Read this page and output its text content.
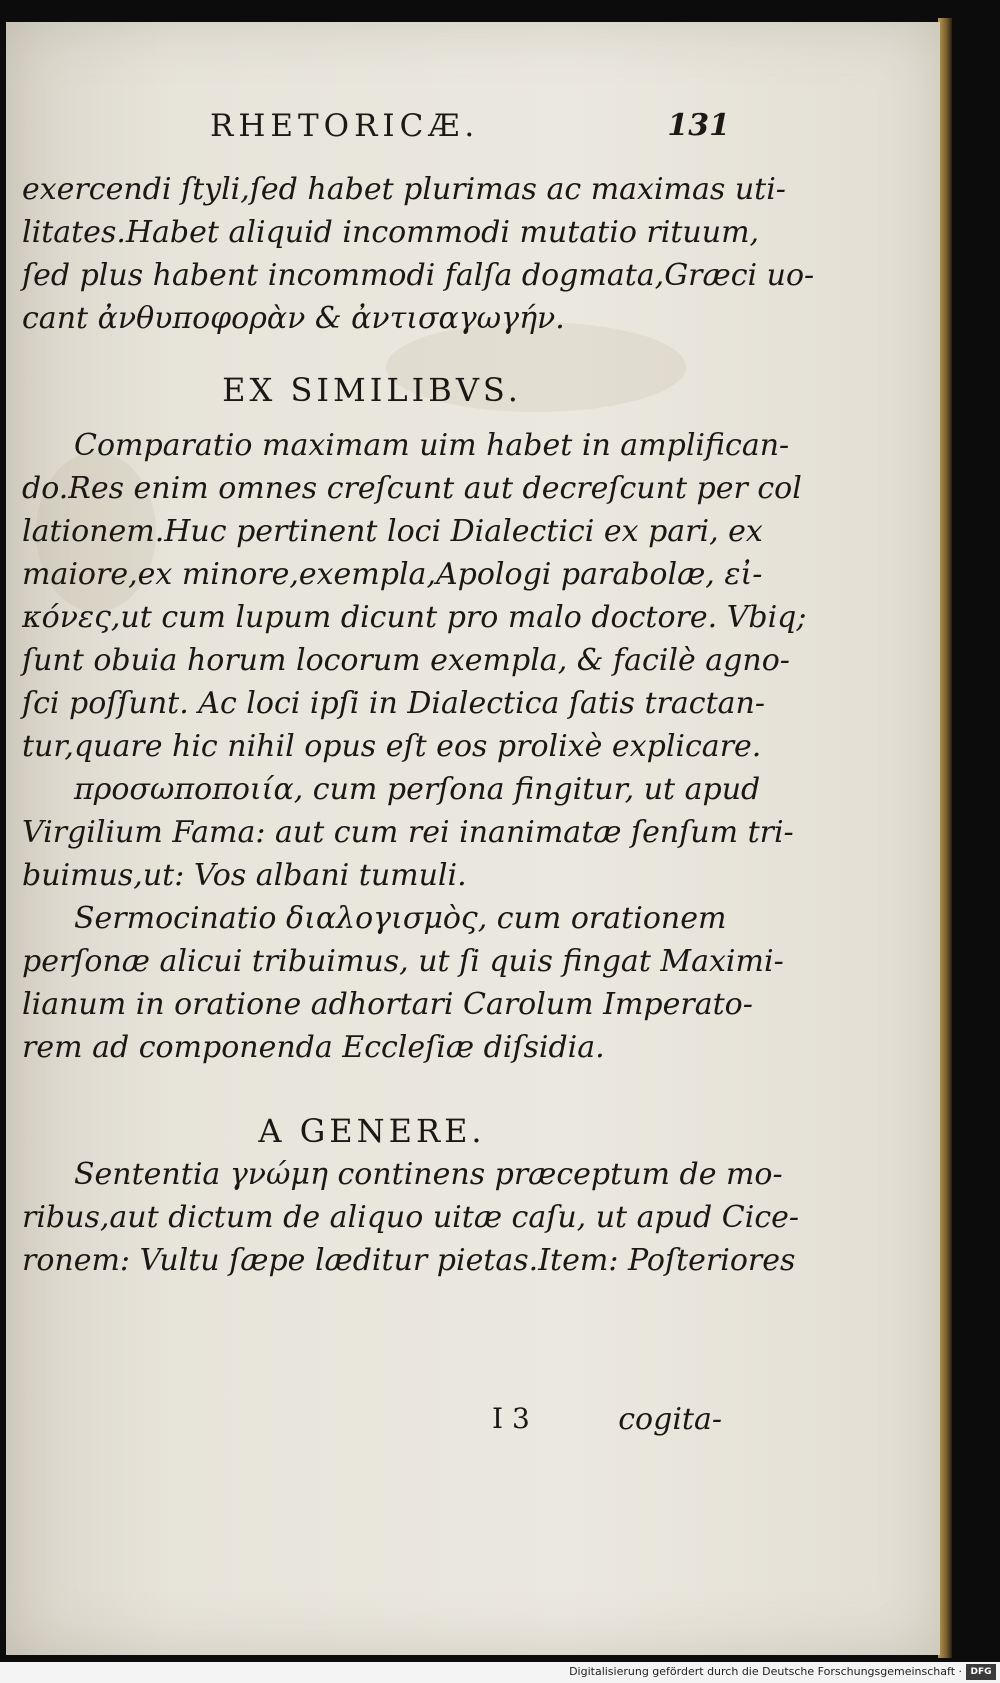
RHETORICÆ.	131
exercendi ſtyli,ſed habet plurimas ac maximas uti-
litates.Habet aliquid incommodi mutatio rituum,
ſed plus habent incommodi falſa dogmata,Græci uo-
cant ἀνθυποφορὰν & ἀντισαγωγήν.
EX SIMILIBVS.
Comparatio maximam uim habet in amplifican-
do.Res enim omnes creſcunt aut decreſcunt per col
lationem.Huc pertinent loci Dialectici ex pari, ex
maiore,ex minore,exempla,Apologi parabolæ, εἰ-
κόνες,ut cum lupum dicunt pro malo doctore. Vbiq;
ſunt obuia horum locorum exempla, & facilè agno-
ſci poſſunt. Ac loci ipſi in Dialectica ſatis tractan-
tur,quare hic nihil opus eſt eos prolixè explicare.
προσωποποιία, cum perſona fingitur, ut apud
Virgilium Fama: aut cum rei inanimatæ ſenſum tri-
buimus,ut: Vos albani tumuli.
Sermocinatio διαλογισμὸς, cum orationem
perſonæ alicui tribuimus, ut ſi quis fingat Maximi-
lianum in oratione adhortari Carolum Imperato-
rem ad componenda Eccleſiæ diſsidia.
A GENERE.
Sententia γνώμη continens præceptum de mo-
ribus,aut dictum de aliquo uitæ caſu, ut apud Cice-
ronem: Vultu ſæpe læditur pietas.Item: Poſteriores
I 3	cogita-
Digitalisierung gefördert durch die Deutsche Forschungsgemeinschaft · DFG
